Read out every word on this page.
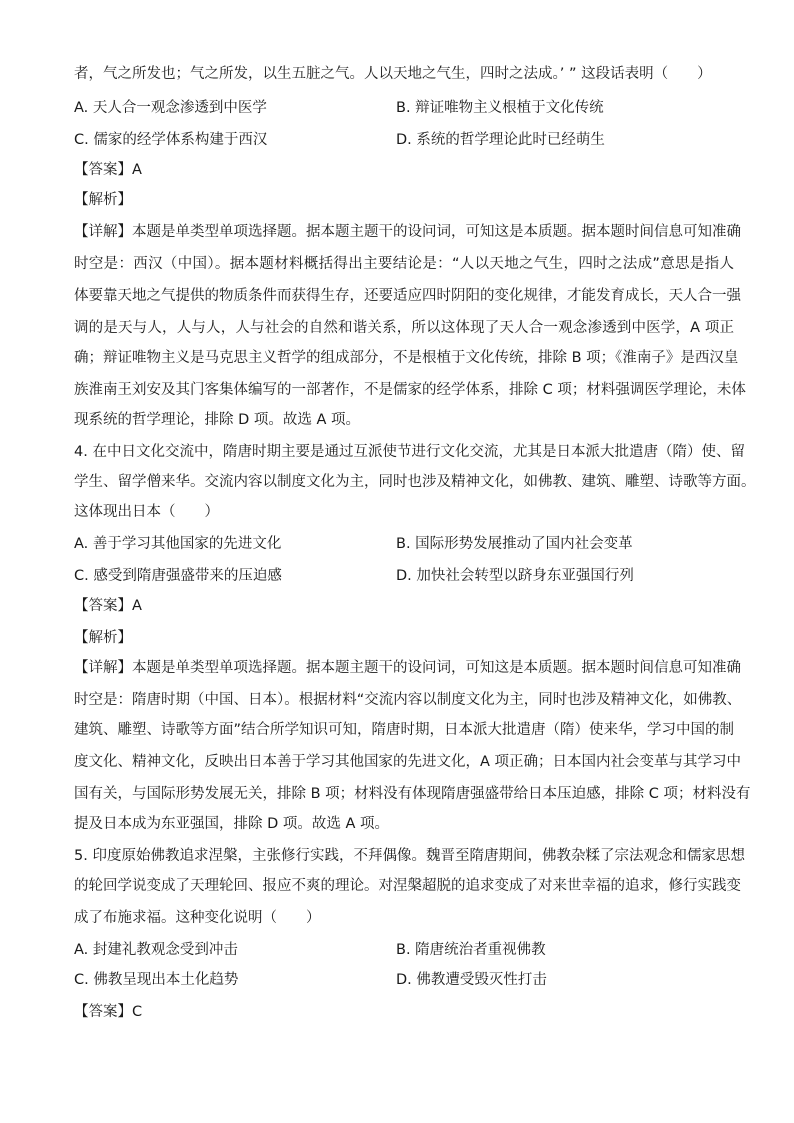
者，气之所发也；气之所发，以生五脏之气。人以天地之气生，四时之法成。’ ” 这段话表明（　　）
A. 天人合一观念渗透到中医学	B. 辩证唯物主义根植于文化传统
C. 儒家的经学体系构建于西汉	D. 系统的哲学理论此时已经萌生
【答案】A
【解析】
【详解】本题是单类型单项选择题。据本题主题干的设问词，可知这是本质题。据本题时间信息可知准确
时空是：西汉（中国）。据本题材料概括得出主要结论是：“人以天地之气生，四时之法成”意思是指人
体要靠天地之气提供的物质条件而获得生存，还要适应四时阴阳的变化规律，才能发育成长，天人合一强
调的是天与人，人与人，人与社会的自然和谐关系，所以这体现了天人合一观念渗透到中医学，A 项正
确；辩证唯物主义是马克思主义哲学的组成部分，不是根植于文化传统，排除 B 项；《淮南子》是西汉皇
族淮南王刘安及其门客集体编写的一部著作，不是儒家的经学体系，排除 C 项；材料强调医学理论，未体
现系统的哲学理论，排除 D 项。故选 A 项。
4. 在中日文化交流中，隋唐时期主要是通过互派使节进行文化交流，尤其是日本派大批遣唐（隋）使、留
学生、留学僧来华。交流内容以制度文化为主，同时也涉及精神文化，如佛教、建筑、雕塑、诗歌等方面。
这体现出日本（　　）
A. 善于学习其他国家的先进文化	B. 国际形势发展推动了国内社会变革
C. 感受到隋唐强盛带来的压迫感	D. 加快社会转型以跻身东亚强国行列
【答案】A
【解析】
【详解】本题是单类型单项选择题。据本题主题干的设问词，可知这是本质题。据本题时间信息可知准确
时空是：隋唐时期（中国、日本）。根据材料“交流内容以制度文化为主，同时也涉及精神文化，如佛教、
建筑、雕塑、诗歌等方面”结合所学知识可知，隋唐时期，日本派大批遣唐（隋）使来华，学习中国的制
度文化、精神文化，反映出日本善于学习其他国家的先进文化，A 项正确；日本国内社会变革与其学习中
国有关，与国际形势发展无关，排除 B 项；材料没有体现隋唐强盛带给日本压迫感，排除 C 项；材料没有
提及日本成为东亚强国，排除 D 项。故选 A 项。
5. 印度原始佛教追求涅槃，主张修行实践，不拜偶像。魏晋至隋唐期间，佛教杂糅了宗法观念和儒家思想
的轮回学说变成了天理轮回、报应不爽的理论。对涅槃超脱的追求变成了对来世幸福的追求，修行实践变
成了布施求福。这种变化说明（　　）
A. 封建礼教观念受到冲击	B. 隋唐统治者重视佛教
C. 佛教呈现出本土化趋势	D. 佛教遭受毁灭性打击
【答案】C
